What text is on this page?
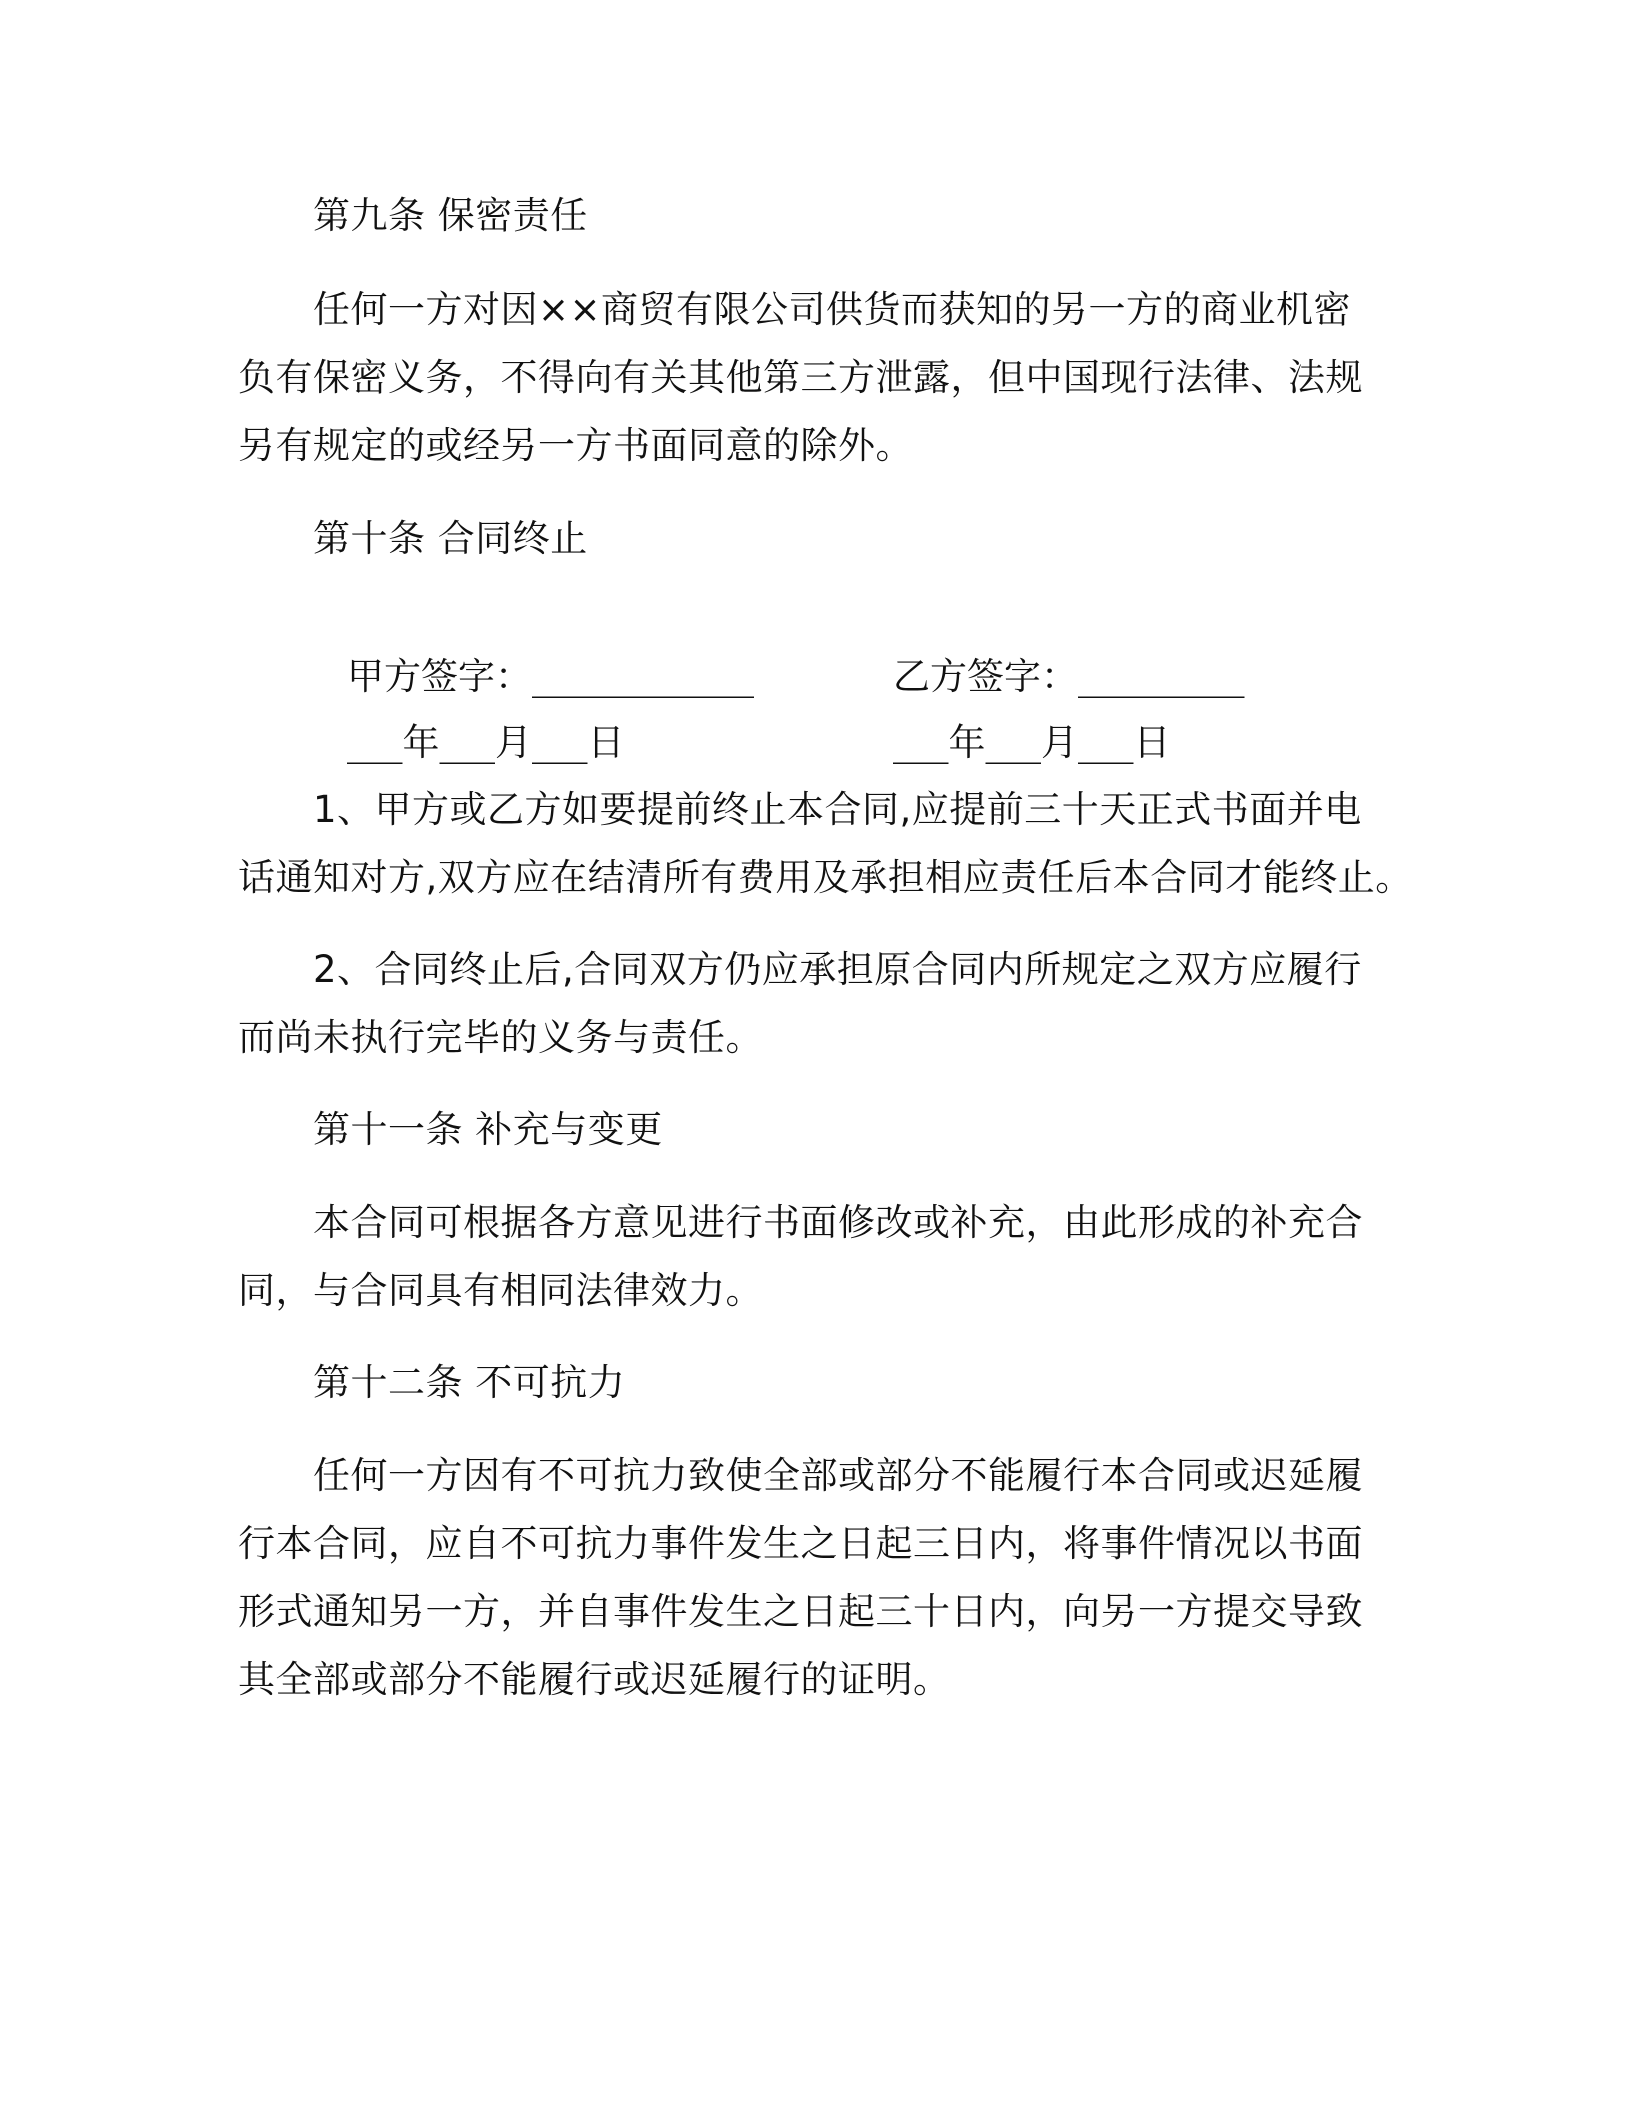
第九条 保密责任
任何一方对因××商贸有限公司供货而获知的另一方的商业机密
负有保密义务，不得向有关其他第三方泄露，但中国现行法律、法规
另有规定的或经另一方书面同意的除外。
第十条 合同终止
甲方签字：____________	乙方签字：_________
___年___月___日	___年___月___日
1、甲方或乙方如要提前终止本合同,应提前三十天正式书面并电
话通知对方,双方应在结清所有费用及承担相应责任后本合同才能终止。
2、合同终止后,合同双方仍应承担原合同内所规定之双方应履行
而尚未执行完毕的义务与责任。
第十一条 补充与变更
本合同可根据各方意见进行书面修改或补充，由此形成的补充合
同，与合同具有相同法律效力。
第十二条 不可抗力
任何一方因有不可抗力致使全部或部分不能履行本合同或迟延履
行本合同，应自不可抗力事件发生之日起三日内，将事件情况以书面
形式通知另一方，并自事件发生之日起三十日内，向另一方提交导致
其全部或部分不能履行或迟延履行的证明。
